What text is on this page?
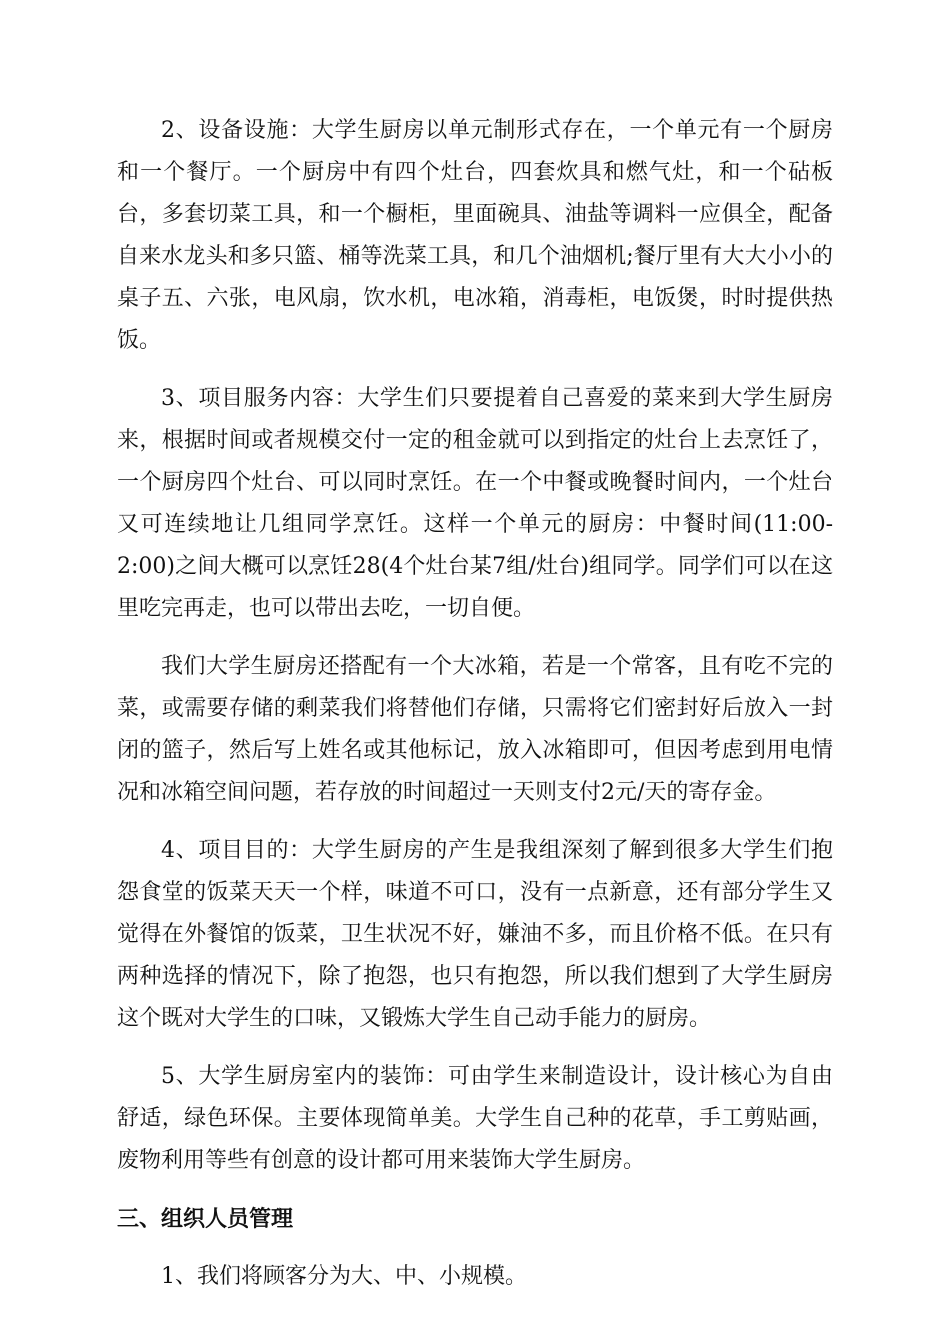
2、设备设施：大学生厨房以单元制形式存在，一个单元有一个厨房和一个餐厅。一个厨房中有四个灶台，四套炊具和燃气灶，和一个砧板台，多套切菜工具，和一个橱柜，里面碗具、油盐等调料一应俱全，配备自来水龙头和多只篮、桶等洗菜工具，和几个油烟机;餐厅里有大大小小的桌子五、六张，电风扇，饮水机，电冰箱，消毒柜，电饭煲，时时提供热饭。

3、项目服务内容：大学生们只要提着自己喜爱的菜来到大学生厨房来，根据时间或者规模交付一定的租金就可以到指定的灶台上去烹饪了，一个厨房四个灶台、可以同时烹饪。在一个中餐或晚餐时间内，一个灶台又可连续地让几组同学烹饪。这样一个单元的厨房：中餐时间(11:00-2:00)之间大概可以烹饪28(4个灶台某7组/灶台)组同学。同学们可以在这里吃完再走，也可以带出去吃，一切自便。

我们大学生厨房还搭配有一个大冰箱，若是一个常客，且有吃不完的菜，或需要存储的剩菜我们将替他们存储，只需将它们密封好后放入一封闭的篮子，然后写上姓名或其他标记，放入冰箱即可，但因考虑到用电情况和冰箱空间问题，若存放的时间超过一天则支付2元/天的寄存金。

4、项目目的：大学生厨房的产生是我组深刻了解到很多大学生们抱怨食堂的饭菜天天一个样，味道不可口，没有一点新意，还有部分学生又觉得在外餐馆的饭菜，卫生状况不好，嫌油不多，而且价格不低。在只有两种选择的情况下，除了抱怨，也只有抱怨，所以我们想到了大学生厨房这个既对大学生的口味，又锻炼大学生自己动手能力的厨房。

5、大学生厨房室内的装饰：可由学生来制造设计，设计核心为自由舒适，绿色环保。主要体现简单美。大学生自己种的花草，手工剪贴画，废物利用等些有创意的设计都可用来装饰大学生厨房。

三、组织人员管理

1、我们将顾客分为大、中、小规模。
